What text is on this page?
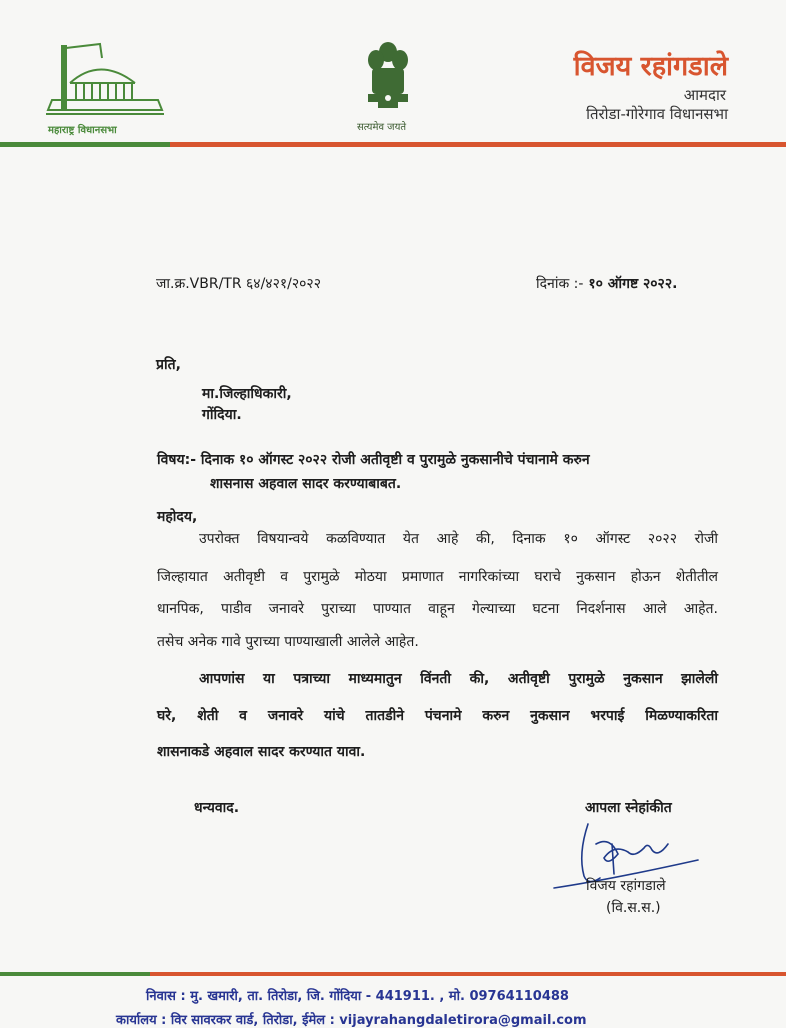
महाराष्ट्र विधानसभा	सत्यमेव जयते
विजय रहांगडाले
आमदार
तिरोडा-गोरेगाव विधानसभा
जा.क्र.VBR/TR ६४/४२१/२०२२	दिनांक :- १० ऑगष्ट २०२२.
प्रति,
मा.जिल्हाधिकारी,
गोंदिया.
विषय:- दिनाक १० ऑगस्ट २०२२ रोजी अतीवृष्टी व पुरामुळे नुकसानीचे पंचानामे करुन
शासनास अहवाल सादर करण्याबाबत.
महोदय,
उपरोक्त विषयान्वये कळविण्यात येत आहे की, दिनाक १० ऑगस्ट २०२२ रोजी
जिल्हायात अतीवृष्टी व पुरामुळे मोठया प्रमाणात नागरिकांच्या घराचे नुकसान होऊन शेतीतील
धानपिक, पाडीव जनावरे पुराच्या पाण्यात वाहून गेल्याच्या घटना निदर्शनास आले आहेत.
तसेच अनेक गावे पुराच्या पाण्याखाली आलेले आहेत.
आपणांस या पत्राच्या माध्यमातुन विंनती की, अतीवृष्टी पुरामुळे नुकसान झालेली
घरे, शेती व जनावरे यांचे तातडीने पंचनामे करुन नुकसान भरपाई मिळण्याकरिता
शासनाकडे अहवाल सादर करण्यात यावा.
धन्यवाद.	आपला स्नेहांकीत
विजय रहांगडाले
(वि.स.स.)
निवास : मु. खमारी, ता. तिरोडा, जि. गोंदिया - 441911. , मो. 09764110488
कार्यालय : विर सावरकर वार्ड, तिरोडा, ईमेल : vijayrahangdaletirora@gmail.com
